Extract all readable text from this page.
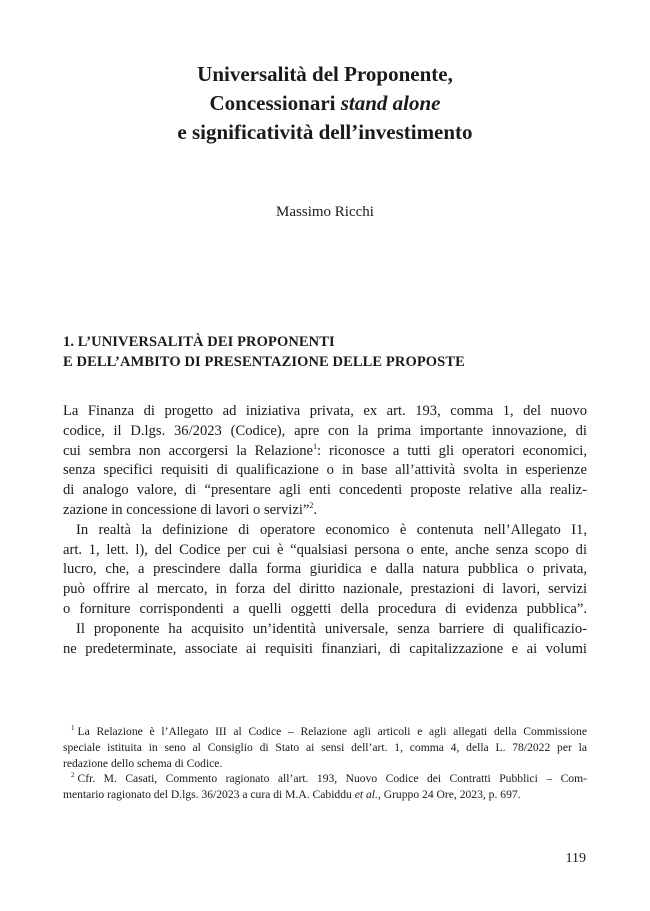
Universalità del Proponente,
Concessionari stand alone
e significatività dell’investimento
Massimo Ricchi
1. L’UNIVERSALITÀ DEI PROPONENTI
E DELL’AMBITO DI PRESENTAZIONE DELLE PROPOSTE
La Finanza di progetto ad iniziativa privata, ex art. 193, comma 1, del nuovo
codice, il D.lgs. 36/2023 (Codice), apre con la prima importante innovazione, di
cui sembra non accorgersi la Relazione$^1$: riconosce a tutti gli operatori economici,
senza specifici requisiti di qualificazione o in base all’attività svolta in esperienze
di analogo valore, di “presentare agli enti concedenti proposte relative alla realiz-
zazione in concessione di lavori o servizi”$^2$.
In realtà la definizione di operatore economico è contenuta nell’Allegato I1,
art. 1, lett. l), del Codice per cui è “qualsiasi persona o ente, anche senza scopo di
lucro, che, a prescindere dalla forma giuridica e dalla natura pubblica o privata,
può offrire al mercato, in forza del diritto nazionale, prestazioni di lavori, servizi
o forniture corrispondenti a quelli oggetti della procedura di evidenza pubblica”.
Il proponente ha acquisito un’identità universale, senza barriere di qualificazio-
ne predeterminate, associate ai requisiti finanziari, di capitalizzazione e ai volumi
$^1$ La Relazione è l’Allegato III al Codice – Relazione agli articoli e agli allegati della Commissione
speciale istituita in seno al Consiglio di Stato ai sensi dell’art. 1, comma 4, della L. 78/2022 per la
redazione dello schema di Codice.
$^2$ Cfr. M. Casati, Commento ragionato all’art. 193, Nuovo Codice dei Contratti Pubblici – Com-
mentario ragionato del D.lgs. 36/2023 a cura di M.A. Cabiddu et al., Gruppo 24 Ore, 2023, p. 697.
119
